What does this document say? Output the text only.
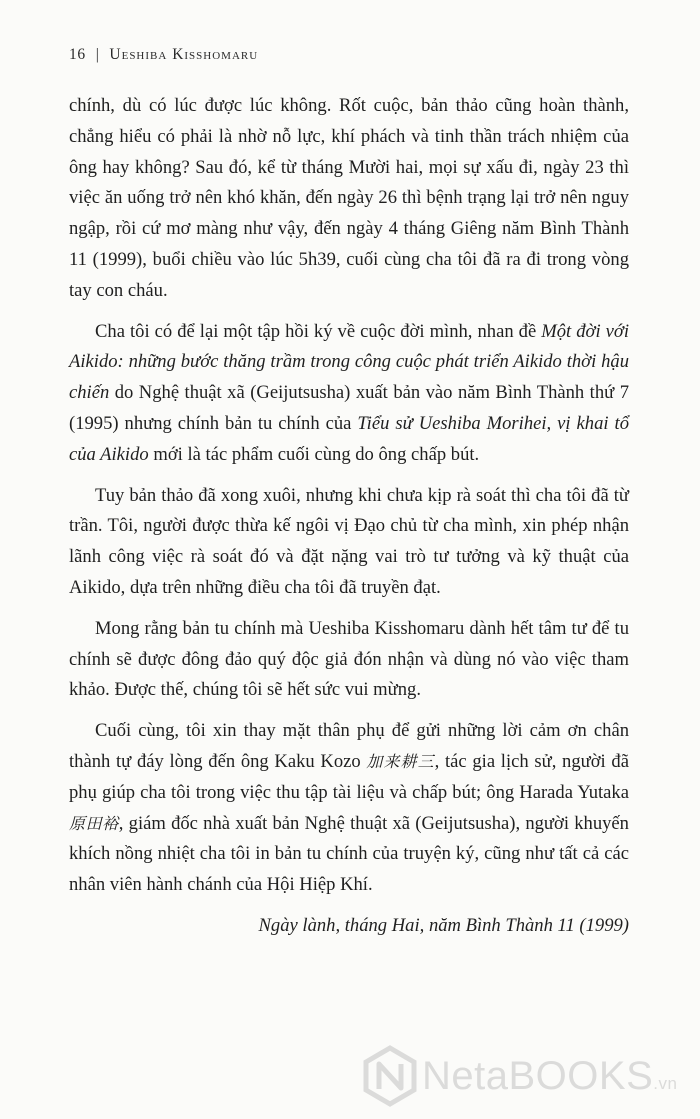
16 | Ueshiba Kisshomaru

chính, dù có lúc được lúc không. Rốt cuộc, bản thảo cũng hoàn thành, chẳng hiểu có phải là nhờ nỗ lực, khí phách và tinh thần trách nhiệm của ông hay không? Sau đó, kể từ tháng Mười hai, mọi sự xấu đi, ngày 23 thì việc ăn uống trở nên khó khăn, đến ngày 26 thì bệnh trạng lại trở nên nguy ngập, rồi cứ mơ màng như vậy, đến ngày 4 tháng Giêng năm Bình Thành 11 (1999), buổi chiều vào lúc 5h39, cuối cùng cha tôi đã ra đi trong vòng tay con cháu.

Cha tôi có để lại một tập hồi ký về cuộc đời mình, nhan đề Một đời với Aikido: những bước thăng trầm trong công cuộc phát triển Aikido thời hậu chiến do Nghệ thuật xã (Geijutsusha) xuất bản vào năm Bình Thành thứ 7 (1995) nhưng chính bản tu chính của Tiểu sử Ueshiba Morihei, vị khai tổ của Aikido mới là tác phẩm cuối cùng do ông chấp bút.

Tuy bản thảo đã xong xuôi, nhưng khi chưa kịp rà soát thì cha tôi đã từ trần. Tôi, người được thừa kế ngôi vị Đạo chủ từ cha mình, xin phép nhận lãnh công việc rà soát đó và đặt nặng vai trò tư tưởng và kỹ thuật của Aikido, dựa trên những điều cha tôi đã truyền đạt.

Mong rằng bản tu chính mà Ueshiba Kisshomaru dành hết tâm tư để tu chính sẽ được đông đảo quý độc giả đón nhận và dùng nó vào việc tham khảo. Được thế, chúng tôi sẽ hết sức vui mừng.

Cuối cùng, tôi xin thay mặt thân phụ để gửi những lời cảm ơn chân thành tự đáy lòng đến ông Kaku Kozo 加来耕三, tác gia lịch sử, người đã phụ giúp cha tôi trong việc thu tập tài liệu và chấp bút; ông Harada Yutaka 原田裕, giám đốc nhà xuất bản Nghệ thuật xã (Geijutsusha), người khuyến khích nồng nhiệt cha tôi in bản tu chính của truyện ký, cũng như tất cả các nhân viên hành chánh của Hội Hiệp Khí.

Ngày lành, tháng Hai, năm Bình Thành 11 (1999)

NetaBOOKS.vn
